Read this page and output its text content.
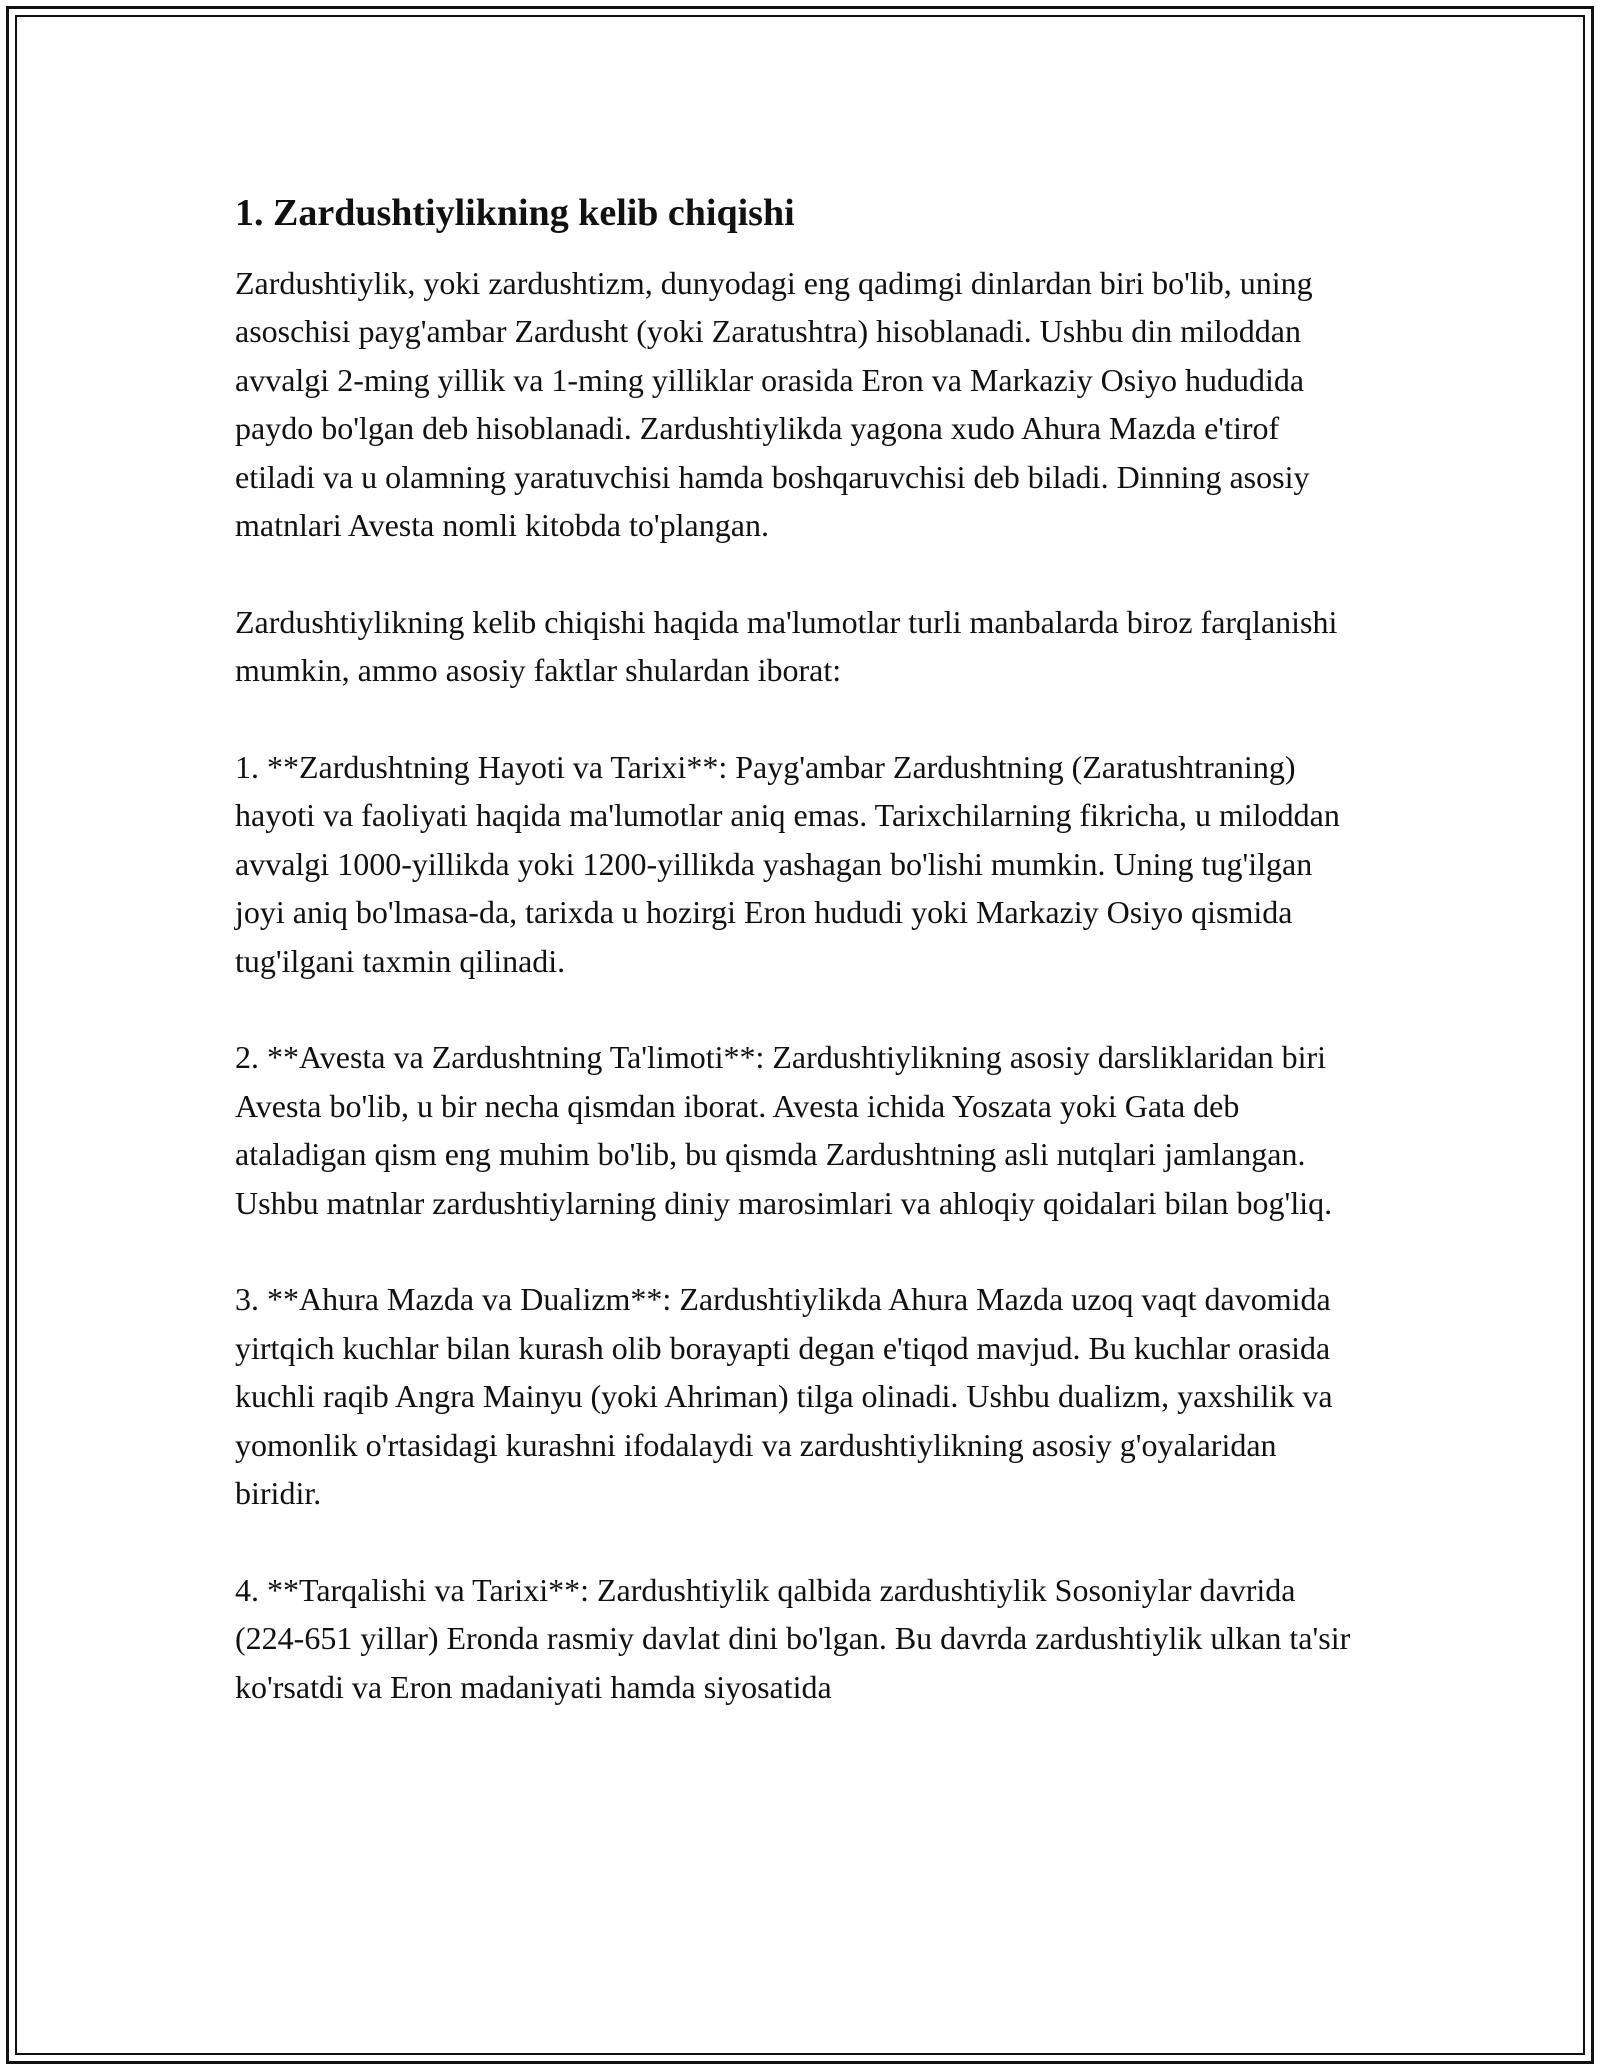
1. Zardushtiylikning kelib chiqishi

Zardushtiylik, yoki zardushtizm, dunyodagi eng qadimgi dinlardan biri bo'lib, uning asoschisi payg'ambar Zardusht (yoki Zaratushtra) hisoblanadi. Ushbu din miloddan avvalgi 2-ming yillik va 1-ming yilliklar orasida Eron va Markaziy Osiyo hududida paydo bo'lgan deb hisoblanadi. Zardushtiylikda yagona xudo Ahura Mazda e'tirof etiladi va u olamning yaratuvchisi hamda boshqaruvchisi deb biladi. Dinning asosiy matnlari Avesta nomli kitobda to'plangan.

Zardushtiylikning kelib chiqishi haqida ma'lumotlar turli manbalarda biroz farqlanishi mumkin, ammo asosiy faktlar shulardan iborat:

1. **Zardushtning Hayoti va Tarixi**: Payg'ambar Zardushtning (Zaratushtraning) hayoti va faoliyati haqida ma'lumotlar aniq emas. Tarixchilarning fikricha, u miloddan avvalgi 1000-yillikda yoki 1200-yillikda yashagan bo'lishi mumkin. Uning tug'ilgan joyi aniq bo'lmasa-da, tarixda u hozirgi Eron hududi yoki Markaziy Osiyo qismida tug'ilgani taxmin qilinadi.

2. **Avesta va Zardushtning Ta'limoti**: Zardushtiylikning asosiy darsliklaridan biri Avesta bo'lib, u bir necha qismdan iborat. Avesta ichida Yoszata yoki Gata deb ataladigan qism eng muhim bo'lib, bu qismda Zardushtning asli nutqlari jamlangan. Ushbu matnlar zardushtiylarning diniy marosimlari va ahloqiy qoidalari bilan bog'liq.

3. **Ahura Mazda va Dualizm**: Zardushtiylikda Ahura Mazda uzoq vaqt davomida yirtqich kuchlar bilan kurash olib borayapti degan e'tiqod mavjud. Bu kuchlar orasida kuchli raqib Angra Mainyu (yoki Ahriman) tilga olinadi. Ushbu dualizm, yaxshilik va yomonlik o'rtasidagi kurashni ifodalaydi va zardushtiylikning asosiy g'oyalaridan biridir.

4. **Tarqalishi va Tarixi**: Zardushtiylik qalbida zardushtiylik Sosoniylar davrida (224-651 yillar) Eronda rasmiy davlat dini bo'lgan. Bu davrda zardushtiylik ulkan ta'sir ko'rsatdi va Eron madaniyati hamda siyosatida
